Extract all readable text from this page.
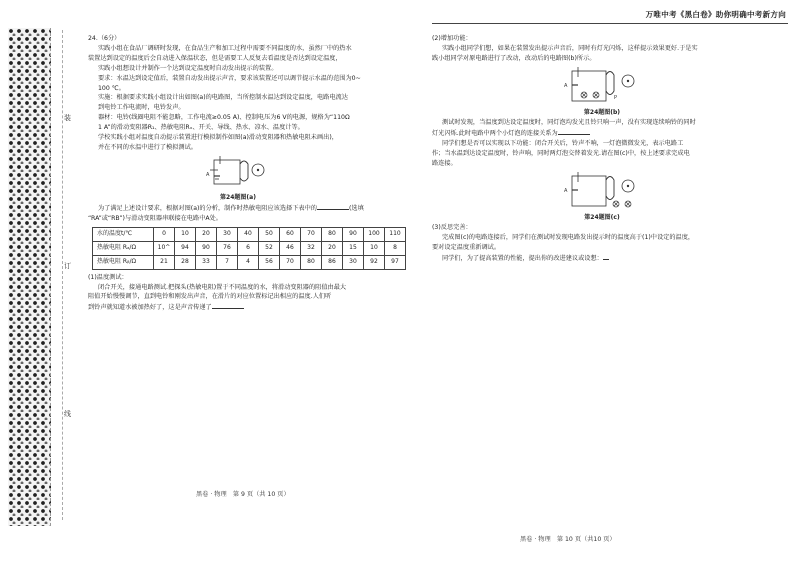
装
订
线
万唯中考《黑白卷》助你明确中考新方向

24.（6分）

实践小组在食品厂调研时发现，在食品生产和加工过程中需要不同温度的水，虽然厂中的热水

装置达到设定的温度后会自动进入保温状态，但是需要工人反复去看温度是否达到设定温度，

实践小组想设计并制作一个达到设定温度时自动发出提示的装置。

要求：水温达到设定值后，装置自动发出提示声音，要求该装置还可以调节提示水温的范围为0~

100 ℃。

实施：根据要求实践小组设计出如图(a)的电路图，当所控制水温达到设定温度，电路电流达

到电铃工作电流时，电铃发声。

器材：电铃(线圈电阻不能忽略，工作电流≥0.05 A)、控制电压为6 V的电源，规格为“110Ω

1 A”的滑动变阻器R₁、热敏电阻Rₓ、开关、导线、热水、凉水、温度计等。

学校实践小组对温度自动提示装置进行模拟制作如图(a)滑动变阻器和热敏电阻未画出)，

并在不同的水温中进行了模拟测试。

A

第24题图(a)

为了满足上述设计要求，根据对图(a)的分析，制作时热敏电阻应该选择下表中的	(选填

“RA”或“RB”)与滑动变阻器串联接在电路中A处。

水的温度t/℃	0	10	20	30	40	50	60	70	80	90	100	110
热敏电阻 Rₐ/Ω	10^	94	90	76	6	52	46	32	20	15	10	8
热敏电阻 Rᵦ/Ω	21	28	33	7	4	56	70	80	86	30	92	97

(1)温度测试：

闭合开关，接通电路测试.把探头(热敏电阻)置于不同温度的水，将滑动变阻器的阻值由最大

阻值开始慢慢调节，直到电铃和刚发出声音，在滑片的对应位置标记出相应的温度.人们听

到铃声就知道水被加热好了，这是声音传递了

黑卷 · 物理　第 9 页（共 10 页）

(2)增加功能：

实践小组同学们想，如果在装置发出提示声音后，同时有灯光闪烁，这样提示效果更好.于是实

践小组同学对原电路进行了改动，改动后的电路图(b)所示。

A
P

第24题图(b)

测试时发现，当温度到达设定温度时，同灯泡均发光且铃只响一声，没有实现连续响铃的同时

灯光闪烁.此时电路中两个小灯泡的连接关系为

同学们想是否可以实现以下功能：闭合开关后，铃声不响，一灯泡微微发光，表示电路工

作；当水温到达设定温度时，铃声响，同时两灯泡交替着发光.请在图(c)中，按上述要求完成电

路连接。

A

第24题图(c)

(3)反思完善：

完成图(c)的电路连接后，同学们在测试时发现电路发出提示时的温度高于(1)中设定的温度，

要对设定温度重新调试。

同学们，为了提高装置的性能，提出你的改进建议或设想：

黑卷 · 物理　第 10 页（共10 页）
